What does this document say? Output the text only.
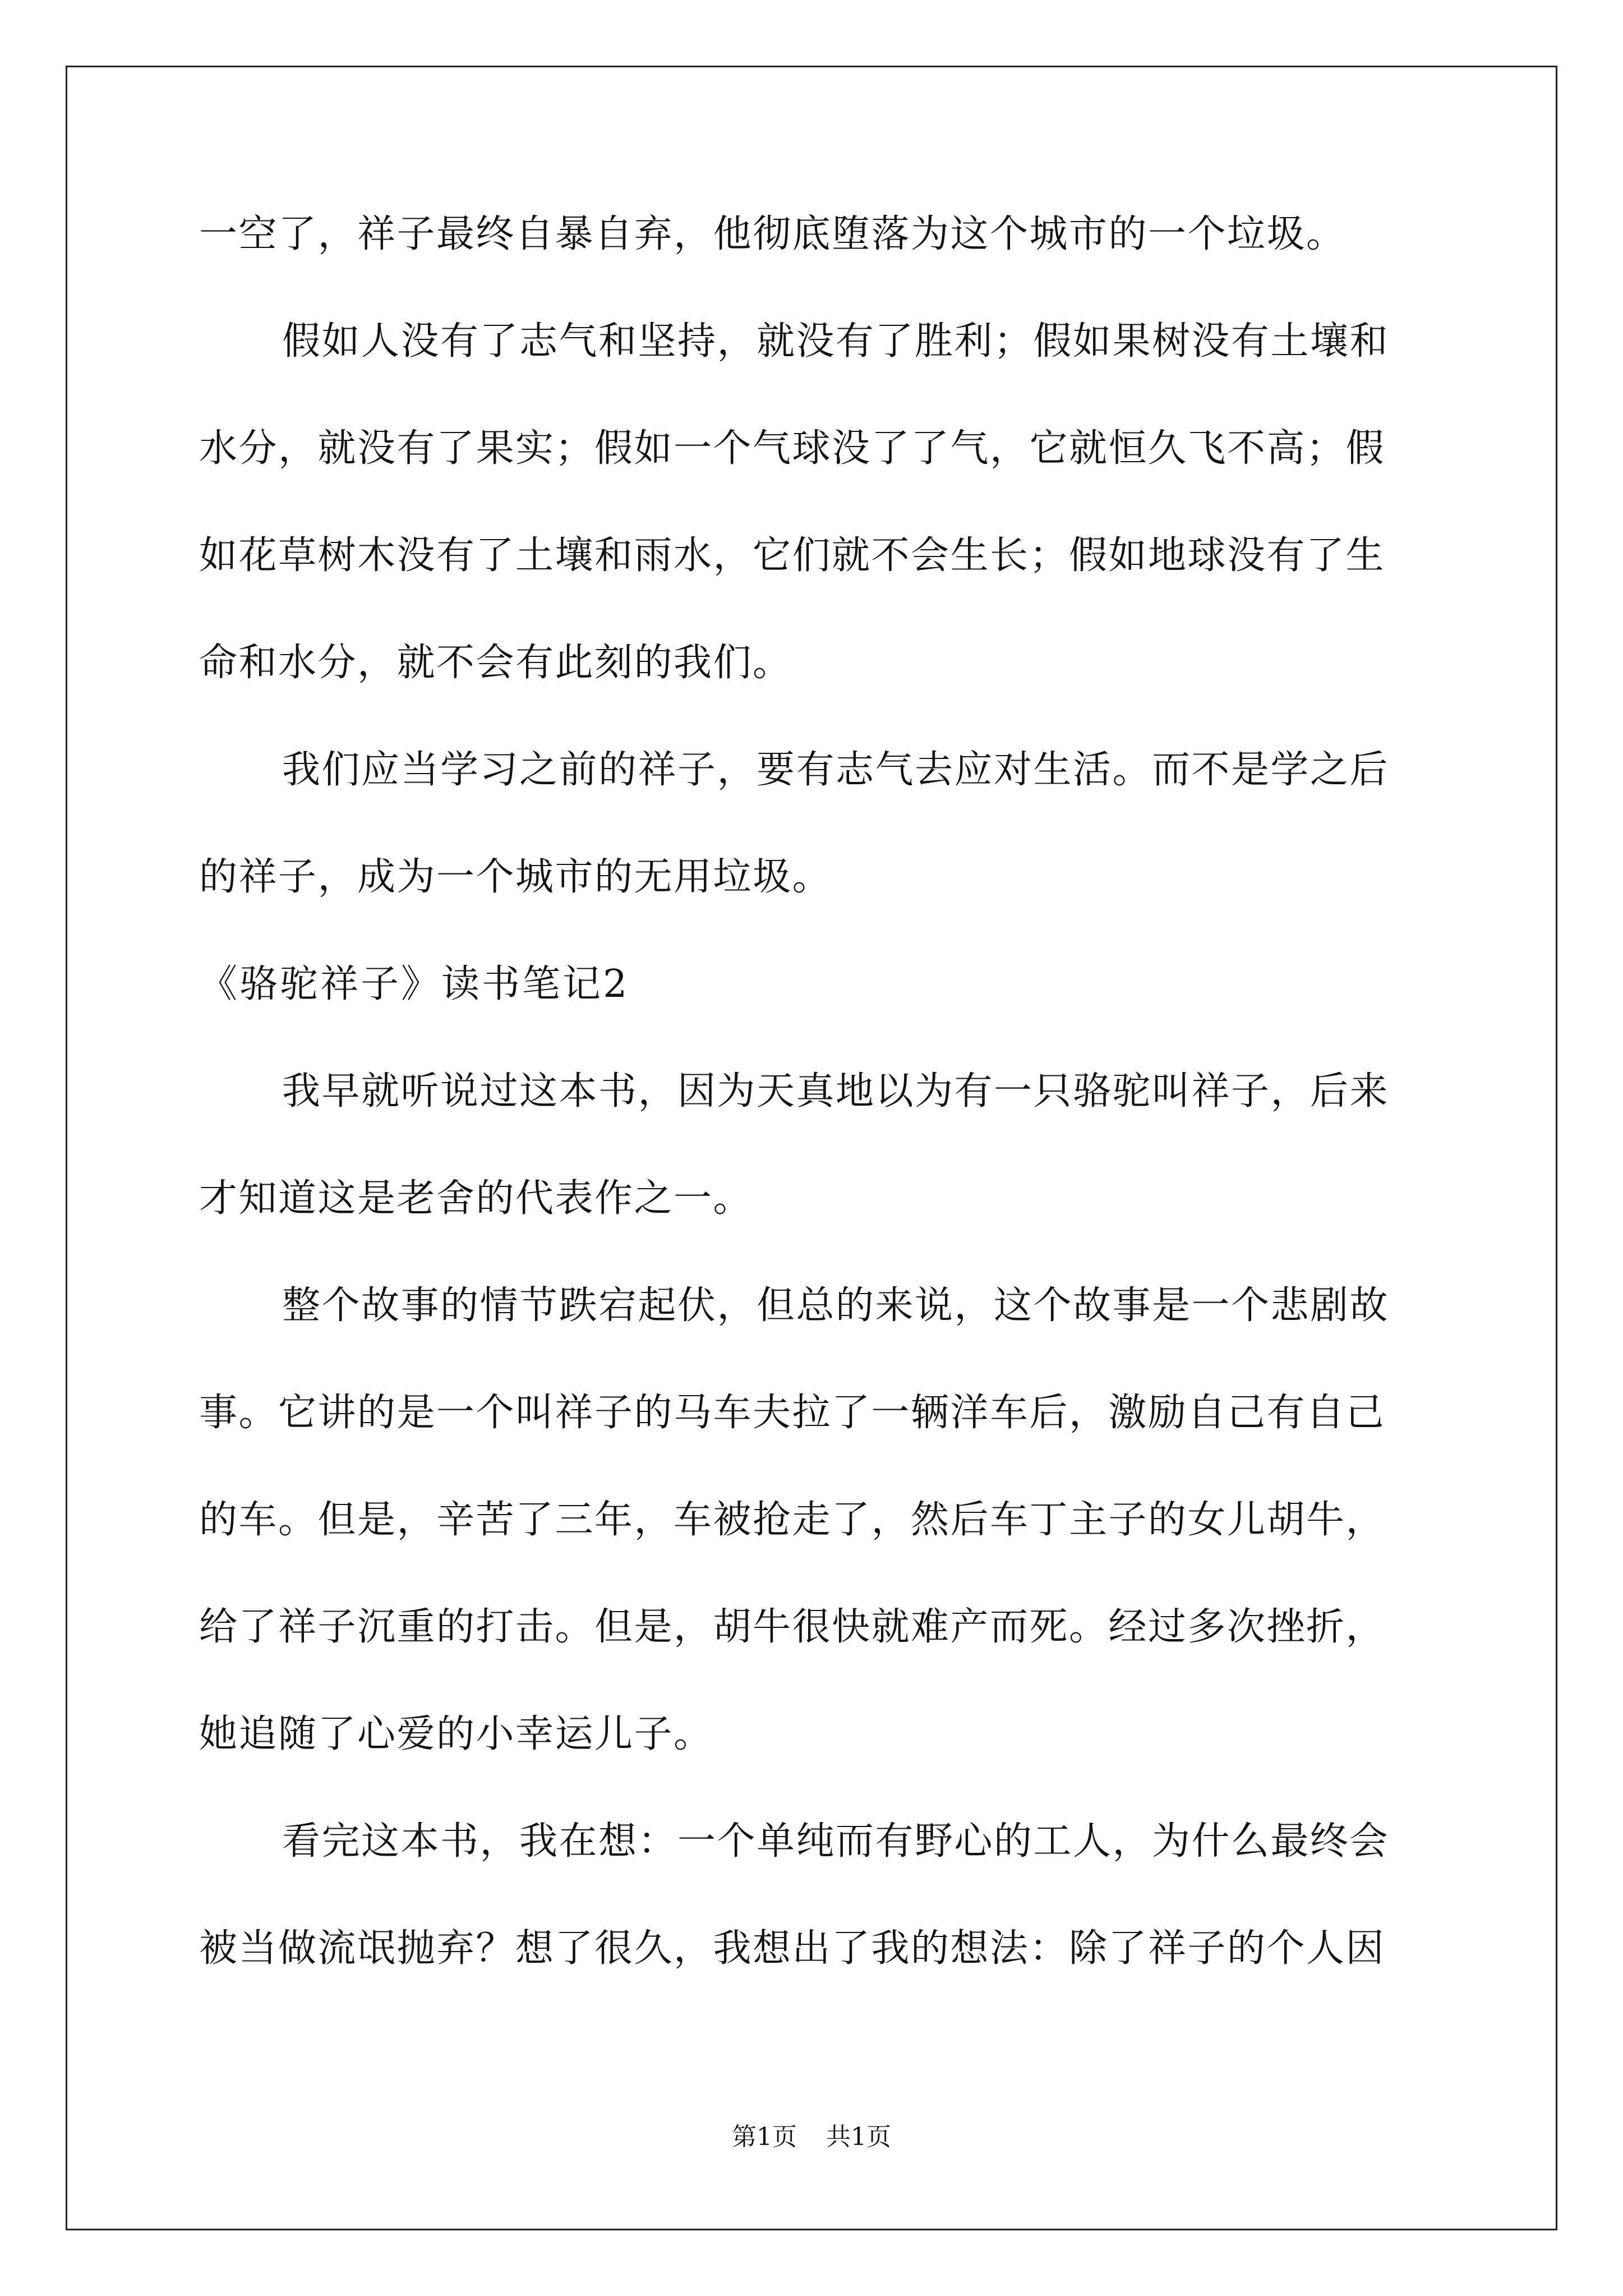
一空了，祥子最终自暴自弃，他彻底堕落为这个城市的一个垃圾。
假如人没有了志气和坚持，就没有了胜利；假如果树没有土壤和
水分，就没有了果实；假如一个气球没了了气，它就恒久飞不高；假
如花草树木没有了土壤和雨水，它们就不会生长；假如地球没有了生
命和水分，就不会有此刻的我们。
我们应当学习之前的祥子，要有志气去应对生活。而不是学之后
的祥子，成为一个城市的无用垃圾。
《骆驼祥子》读书笔记2
我早就听说过这本书，因为天真地以为有一只骆驼叫祥子，后来
才知道这是老舍的代表作之一。
整个故事的情节跌宕起伏，但总的来说，这个故事是一个悲剧故
事。它讲的是一个叫祥子的马车夫拉了一辆洋车后，激励自己有自己
的车。但是，辛苦了三年，车被抢走了，然后车丁主子的女儿胡牛，
给了祥子沉重的打击。但是，胡牛很快就难产而死。经过多次挫折，
她追随了心爱的小幸运儿子。
看完这本书，我在想：一个单纯而有野心的工人，为什么最终会
被当做流氓抛弃？想了很久，我想出了我的想法：除了祥子的个人因
第1页 共1页
